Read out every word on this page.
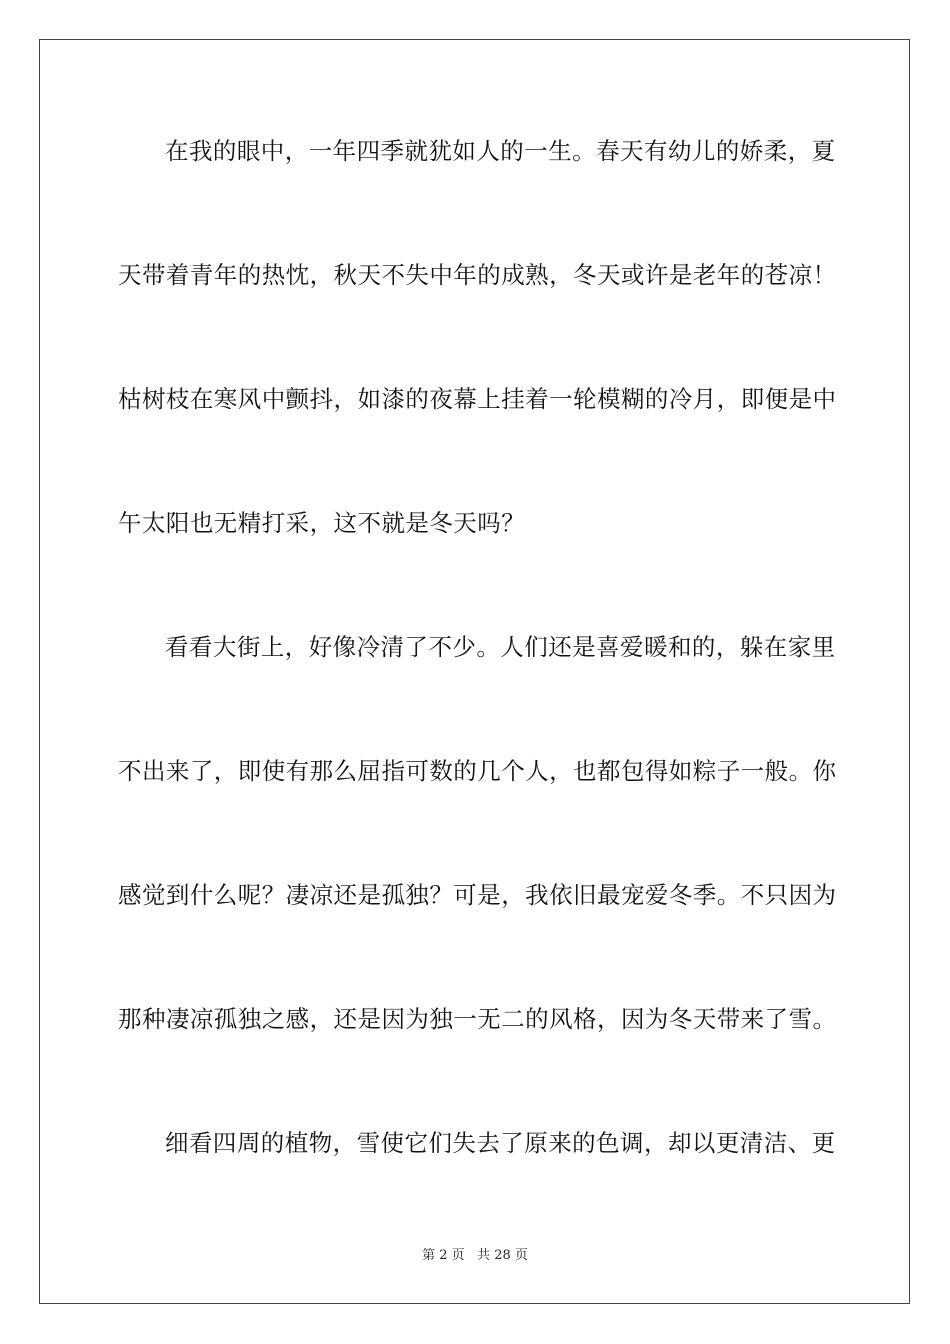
在我的眼中，一年四季就犹如人的一生。春天有幼儿的娇柔，夏
天带着青年的热忱，秋天不失中年的成熟，冬天或许是老年的苍凉！
枯树枝在寒风中颤抖，如漆的夜幕上挂着一轮模糊的冷月，即便是中
午太阳也无精打采，这不就是冬天吗？
看看大街上，好像冷清了不少。人们还是喜爱暖和的，躲在家里
不出来了，即使有那么屈指可数的几个人，也都包得如粽子一般。你
感觉到什么呢？凄凉还是孤独？可是，我依旧最宠爱冬季。不只因为
那种凄凉孤独之感，还是因为独一无二的风格，因为冬天带来了雪。
细看四周的植物，雪使它们失去了原来的色调，却以更清洁、更
第 2 页   共 28 页
